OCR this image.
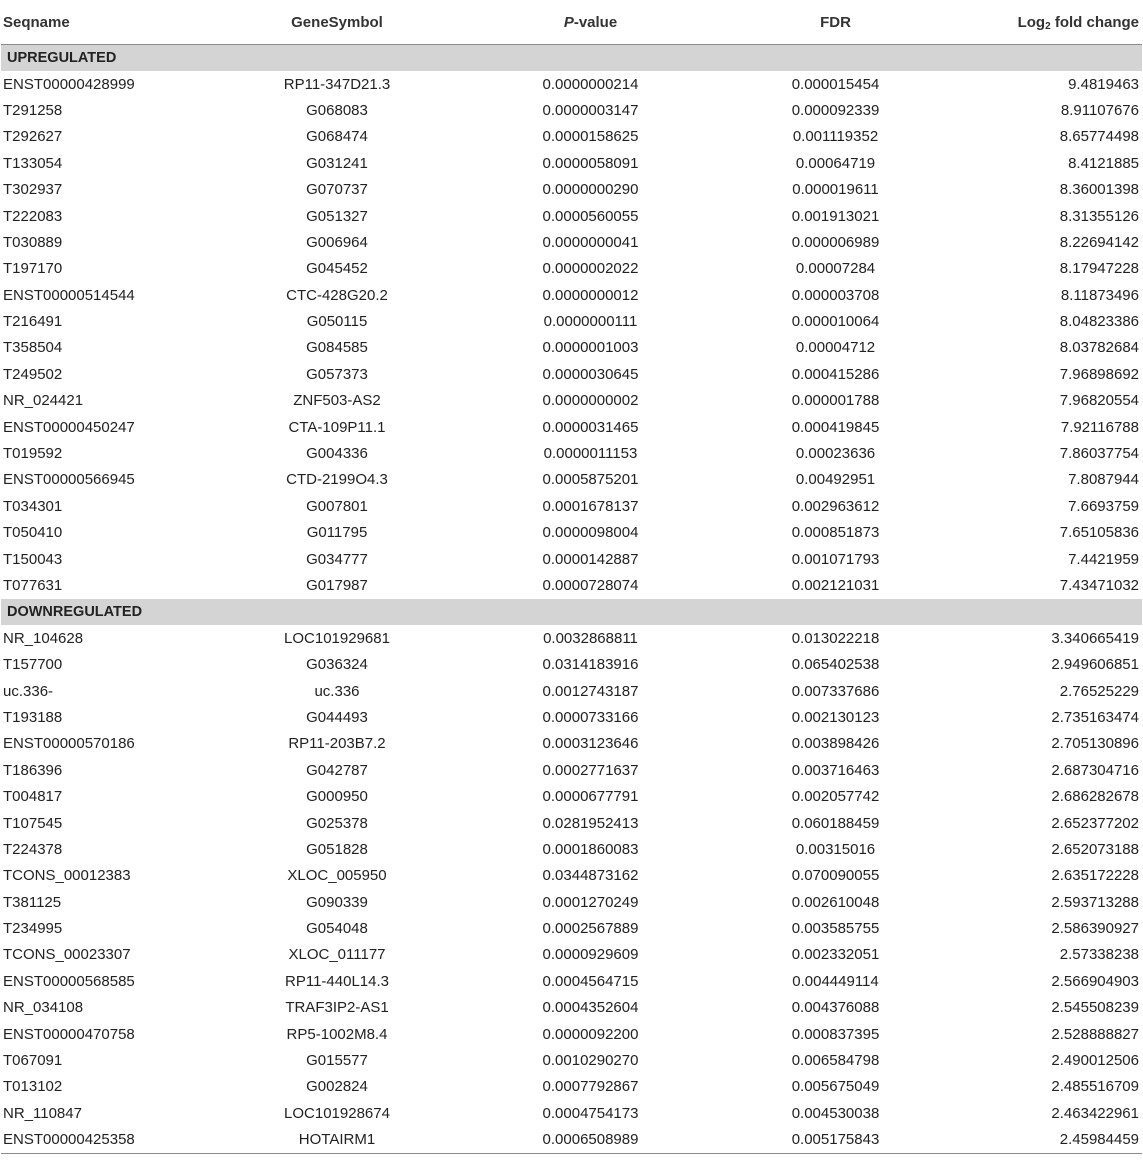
Seqname	GeneSymbol	P-value	FDR	Log$_2$ fold change
UPREGULATED				
ENST00000428999	RP11-347D21.3	0.0000000214	0.000015454	9.4819463
T291258	G068083	0.0000003147	0.000092339	8.91107676
T292627	G068474	0.0000158625	0.001119352	8.65774498
T133054	G031241	0.0000058091	0.00064719	8.4121885
T302937	G070737	0.0000000290	0.000019611	8.36001398
T222083	G051327	0.0000560055	0.001913021	8.31355126
T030889	G006964	0.0000000041	0.000006989	8.22694142
T197170	G045452	0.0000002022	0.00007284	8.17947228
ENST00000514544	CTC-428G20.2	0.0000000012	0.000003708	8.11873496
T216491	G050115	0.0000000111	0.000010064	8.04823386
T358504	G084585	0.0000001003	0.00004712	8.03782684
T249502	G057373	0.0000030645	0.000415286	7.96898692
NR_024421	ZNF503-AS2	0.0000000002	0.000001788	7.96820554
ENST00000450247	CTA-109P11.1	0.0000031465	0.000419845	7.92116788
T019592	G004336	0.0000011153	0.00023636	7.86037754
ENST00000566945	CTD-2199O4.3	0.0005875201	0.00492951	7.8087944
T034301	G007801	0.0001678137	0.002963612	7.6693759
T050410	G011795	0.0000098004	0.000851873	7.65105836
T150043	G034777	0.0000142887	0.001071793	7.4421959
T077631	G017987	0.0000728074	0.002121031	7.43471032
DOWNREGULATED				
NR_104628	LOC101929681	0.0032868811	0.013022218	3.340665419
T157700	G036324	0.0314183916	0.065402538	2.949606851
uc.336-	uc.336	0.0012743187	0.007337686	2.76525229
T193188	G044493	0.0000733166	0.002130123	2.735163474
ENST00000570186	RP11-203B7.2	0.0003123646	0.003898426	2.705130896
T186396	G042787	0.0002771637	0.003716463	2.687304716
T004817	G000950	0.0000677791	0.002057742	2.686282678
T107545	G025378	0.0281952413	0.060188459	2.652377202
T224378	G051828	0.0001860083	0.00315016	2.652073188
TCONS_00012383	XLOC_005950	0.0344873162	0.070090055	2.635172228
T381125	G090339	0.0001270249	0.002610048	2.593713288
T234995	G054048	0.0002567889	0.003585755	2.586390927
TCONS_00023307	XLOC_011177	0.0000929609	0.002332051	2.57338238
ENST00000568585	RP11-440L14.3	0.0004564715	0.004449114	2.566904903
NR_034108	TRAF3IP2-AS1	0.0004352604	0.004376088	2.545508239
ENST00000470758	RP5-1002M8.4	0.0000092200	0.000837395	2.528888827
T067091	G015577	0.0010290270	0.006584798	2.490012506
T013102	G002824	0.0007792867	0.005675049	2.485516709
NR_110847	LOC101928674	0.0004754173	0.004530038	2.463422961
ENST00000425358	HOTAIRM1	0.0006508989	0.005175843	2.45984459
